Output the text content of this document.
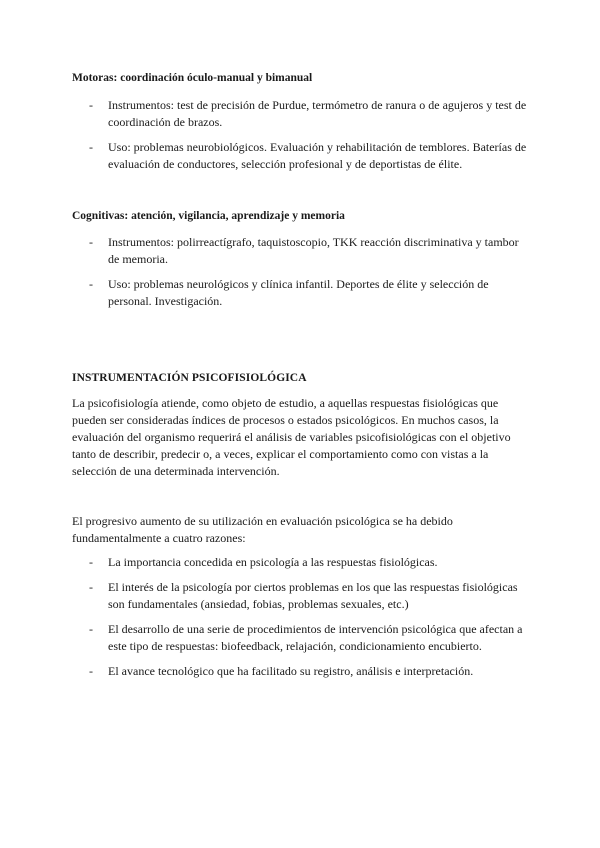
Motoras: coordinación óculo-manual y bimanual

- Instrumentos: test de precisión de Purdue, termómetro de ranura o de agujeros y test de coordinación de brazos.
- Uso: problemas neurobiológicos. Evaluación y rehabilitación de temblores. Baterías de evaluación de conductores, selección profesional y de deportistas de élite.

Cognitivas: atención, vigilancia, aprendizaje y memoria

- Instrumentos: polirreactígrafo, taquistoscopio, TKK reacción discriminativa y tambor de memoria.
- Uso: problemas neurológicos y clínica infantil. Deportes de élite y selección de personal. Investigación.

INSTRUMENTACIÓN PSICOFISIOLÓGICA

La psicofisiología atiende, como objeto de estudio, a aquellas respuestas fisiológicas que pueden ser consideradas índices de procesos o estados psicológicos. En muchos casos, la evaluación del organismo requerirá el análisis de variables psicofisiológicas con el objetivo tanto de describir, predecir o, a veces, explicar el comportamiento como con vistas a la selección de una determinada intervención.

El progresivo aumento de su utilización en evaluación psicológica se ha debido fundamentalmente a cuatro razones:

- La importancia concedida en psicología a las respuestas fisiológicas.
- El interés de la psicología por ciertos problemas en los que las respuestas fisiológicas son fundamentales (ansiedad, fobias, problemas sexuales, etc.)
- El desarrollo de una serie de procedimientos de intervención psicológica que afectan a este tipo de respuestas: biofeedback, relajación, condicionamiento encubierto.
- El avance tecnológico que ha facilitado su registro, análisis e interpretación.
